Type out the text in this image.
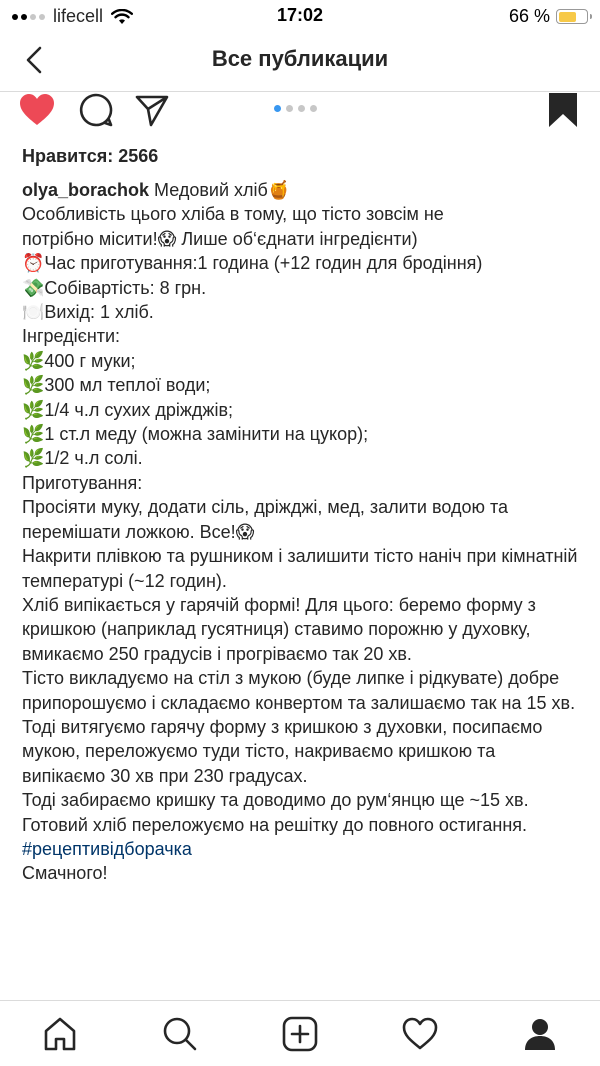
lifecell	17:02	66 %
Все публикации
Нравится: 2566
olya_borachok Медовий хліб🍯
Особливість цього хліба в тому, що тісто зовсім не
потрібно місити!😱 Лише об‘єднати інгредієнти)
⏰Час приготування:1 година (+12 годин для бродіння)
💸Собівартість: 8 грн.
🍽️Вихід: 1 хліб.
Інгредієнти:
🌿400 г муки;
🌿300 мл теплої води;
🌿1/4 ч.л сухих дріжджів;
🌿1 ст.л меду (можна замінити на цукор);
🌿1/2 ч.л солі.
Приготування:
Просіяти муку, додати сіль, дріжджі, мед, залити водою та перемішати ложкою. Все!😱
Накрити плівкою та рушником і залишити тісто наніч при кімнатній температурі (~12 годин).
Хліб випікається у гарячій формі! Для цього: беремо форму з кришкою (наприклад гусятниця) ставимо порожню у духовку, вмикаємо 250 градусів і прогріваємо так 20 хв.
Тісто викладуємо на стіл з мукою (буде липке і рідкувате) добре припорошуємо і складаємо конвертом та залишаємо так на 15 хв.
Тоді витягуємо гарячу форму з кришкою з духовки, посипаємо мукою, переложуємо туди тісто, накриваємо кришкою та випікаємо 30 хв при 230 градусах.
Тоді забираємо кришку та доводимо до рум‘янцю ще ~15 хв.
Готовий хліб переложуємо на решітку до повного остигання.
#рецептивідборачка
Смачного!
